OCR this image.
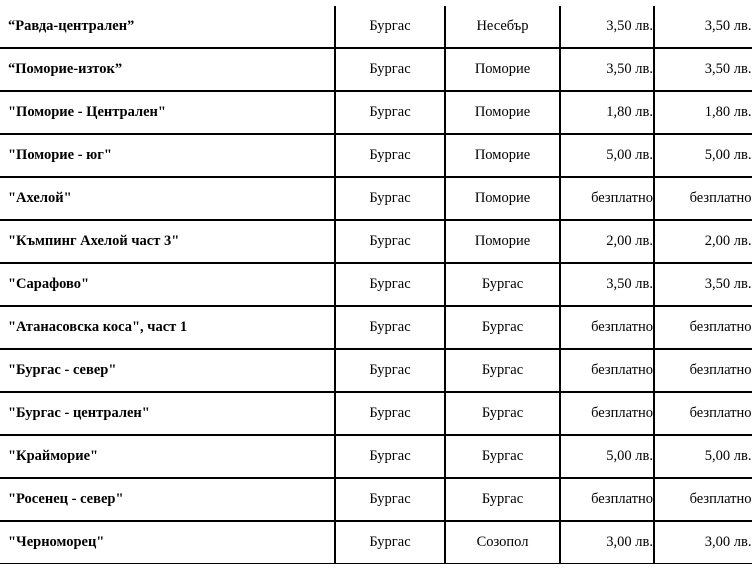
“Равда-централен”	Бургас	Несебър	3,50 лв.	3,50 лв.
“Поморие-изток”	Бургас	Поморие	3,50 лв.	3,50 лв.
"Поморие - Централен"	Бургас	Поморие	1,80 лв.	1,80 лв.
"Поморие - юг"	Бургас	Поморие	5,00 лв.	5,00 лв.
"Ахелой"	Бургас	Поморие	безплатно	безплатно
"Къмпинг Ахелой част 3"	Бургас	Поморие	2,00 лв.	2,00 лв.
"Сарафово"	Бургас	Бургас	3,50 лв.	3,50 лв.
"Атанасовска коса", част 1	Бургас	Бургас	безплатно	безплатно
"Бургас - север"	Бургас	Бургас	безплатно	безплатно
"Бургас - централен"	Бургас	Бургас	безплатно	безплатно
"Крайморие"	Бургас	Бургас	5,00 лв.	5,00 лв.
"Росенец - север"	Бургас	Бургас	безплатно	безплатно
"Черноморец"	Бургас	Созопол	3,00 лв.	3,00 лв.
